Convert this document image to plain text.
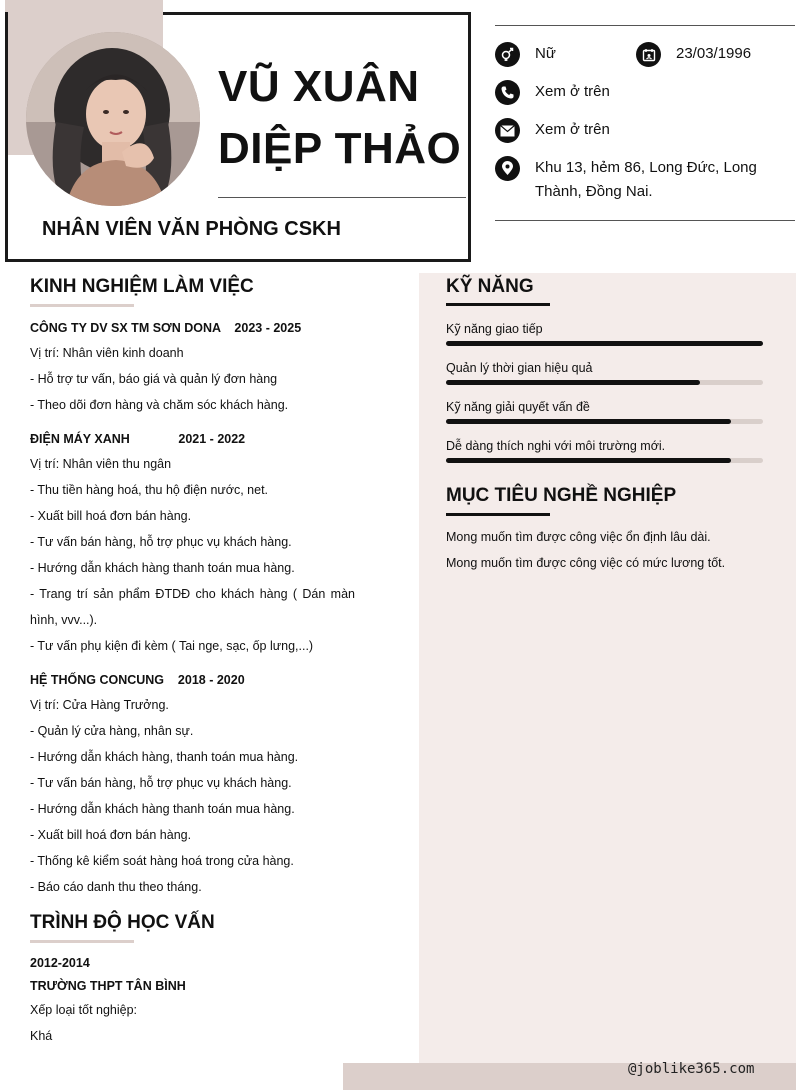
VŨ XUÂN
DIỆP THẢO
NHÂN VIÊN VĂN PHÒNG CSKH
Nữ	23/03/1996
Xem ở trên
Xem ở trên
Khu 13, hẻm 86, Long Đức, Long
Thành, Đồng Nai.
KINH NGHIỆM LÀM VIỆC
CÔNG TY DV SX TM SƠN DONA    2023 - 2025
Vị trí: Nhân viên kinh doanh
- Hỗ trợ tư vấn, báo giá và quản lý đơn hàng
- Theo dõi đơn hàng và chăm sóc khách hàng.
ĐIỆN MÁY XANH              2021 - 2022
Vị trí: Nhân viên thu ngân
- Thu tiền hàng hoá, thu hộ điện nước, net.
- Xuất bill hoá đơn bán hàng.
- Tư vấn bán hàng, hỗ trợ phục vụ khách hàng.
- Hướng dẫn khách hàng thanh toán mua hàng.
- Trang trí sản phẩm ĐTDĐ cho khách hàng ( Dán màn
hình, vvv...).
- Tư vấn phụ kiện đi kèm ( Tai nge, sạc, ốp lưng,...)
HỆ THỐNG CONCUNG    2018 - 2020
Vị trí: Cửa Hàng Trưởng.
- Quản lý cửa hàng, nhân sự.
- Hướng dẫn khách hàng, thanh toán mua hàng.
- Tư vấn bán hàng, hỗ trợ phục vụ khách hàng.
- Hướng dẫn khách hàng thanh toán mua hàng.
- Xuất bill hoá đơn bán hàng.
- Thống kê kiểm soát hàng hoá trong cửa hàng.
- Báo cáo danh thu theo tháng.
TRÌNH ĐỘ HỌC VẤN
2012-2014
TRƯỜNG THPT TÂN BÌNH
Xếp loại tốt nghiệp:
Khá
KỸ NĂNG
Kỹ năng giao tiếp
Quản lý thời gian hiệu quả
Kỹ năng giải quyết vấn đề
Dễ dàng thích nghi với môi trường mới.
MỤC TIÊU NGHỀ NGHIỆP
Mong muốn tìm được công việc ổn định lâu dài.
Mong muốn tìm được công việc có mức lương tốt.
@joblike365.com
